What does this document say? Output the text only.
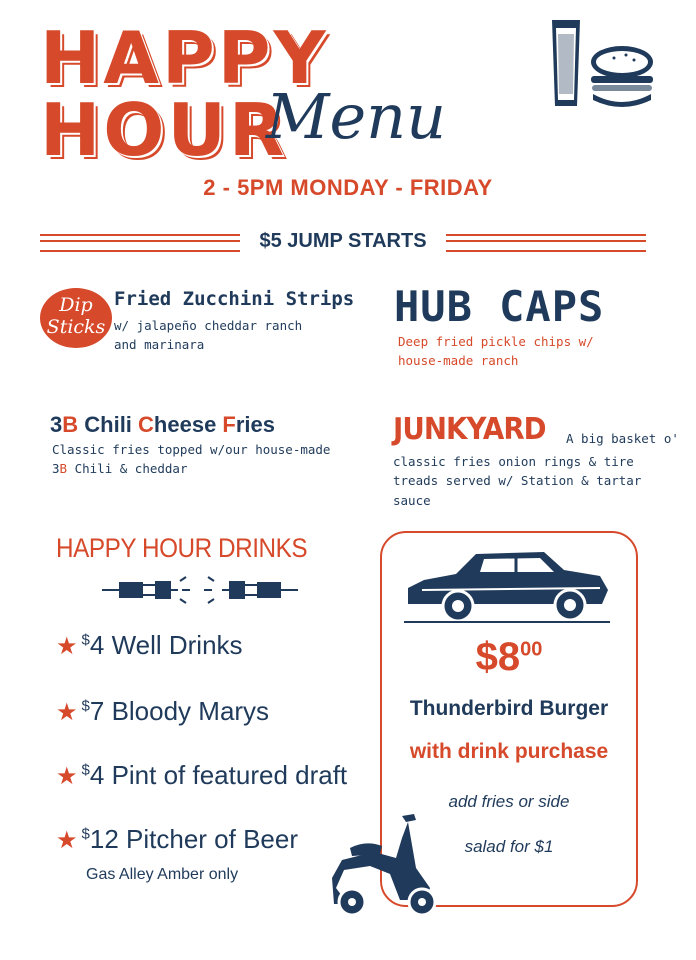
HAPPY HOUR
Menu
2 - 5PM MONDAY - FRIDAY
$5 JUMP STARTS
Dip
Sticks
Fried Zucchini Strips
w/ jalapeño cheddar ranch and marinara
HUB CAPS
Deep fried pickle chips w/ house-made ranch
3B Chili Cheese Fries
Classic fries topped w/our house-made
3B Chili & cheddar
JUNKYARD A big basket o'
classic fries onion rings & tire treads served w/ Station & tartar sauce
HAPPY HOUR DRINKS
★ $4 Well Drinks
★ $7 Bloody Marys
★ $4 Pint of featured draft
★ $12 Pitcher of Beer
Gas Alley Amber only
$\$8^{00}$
Thunderbird Burger
with drink purchase
add fries or side
salad for $1
